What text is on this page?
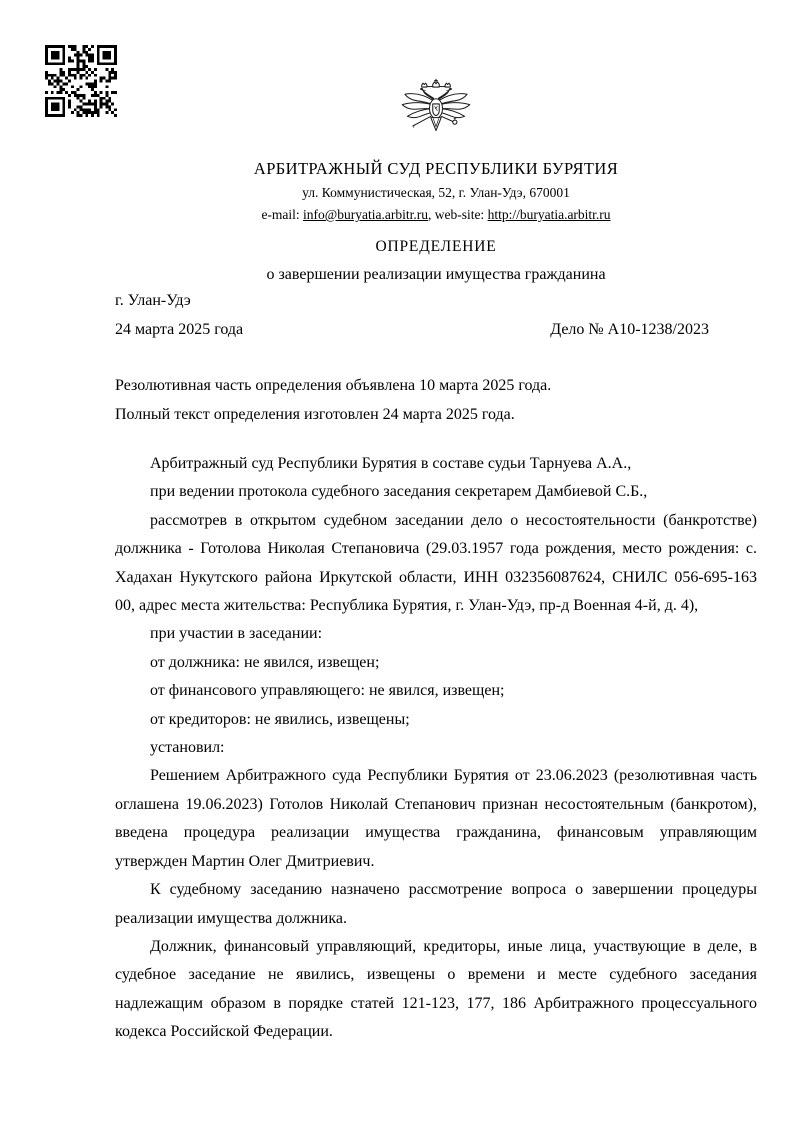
АРБИТРАЖНЫЙ СУД РЕСПУБЛИКИ БУРЯТИЯ
ул. Коммунистическая, 52, г. Улан-Удэ, 670001
e-mail: info@buryatia.arbitr.ru, web-site: http://buryatia.arbitr.ru
ОПРЕДЕЛЕНИЕ
о завершении реализации имущества гражданина
г. Улан-Удэ
24 марта 2025 года	Дело № А10-1238/2023
Резолютивная часть определения объявлена 10 марта 2025 года.
Полный текст определения изготовлен 24 марта 2025 года.

Арбитражный суд Республики Бурятия в составе судьи Тарнуева А.А.,

при ведении протокола судебного заседания секретарем Дамбиевой С.Б.,

рассмотрев в открытом судебном заседании дело о несостоятельности (банкротстве) должника - Готолова Николая Степановича (29.03.1957 года рождения, место рождения: с. Хадахан Нукутского района Иркутской области, ИНН 032356087624, СНИЛС 056-695-163 00, адрес места жительства: Республика Бурятия, г. Улан-Удэ, пр-д Военная 4-й, д. 4),

при участии в заседании:

от должника: не явился, извещен;

от финансового управляющего: не явился, извещен;

от кредиторов: не явились, извещены;

установил:

Решением Арбитражного суда Республики Бурятия от 23.06.2023 (резолютивная часть оглашена 19.06.2023) Готолов Николай Степанович признан несостоятельным (банкротом), введена процедура реализации имущества гражданина, финансовым управляющим утвержден Мартин Олег Дмитриевич.

К судебному заседанию назначено рассмотрение вопроса о завершении процедуры реализации имущества должника.

Должник, финансовый управляющий, кредиторы, иные лица, участвующие в деле, в судебное заседание не явились, извещены о времени и месте судебного заседания надлежащим образом в порядке статей 121-123, 177, 186 Арбитражного процессуального кодекса Российской Федерации.
